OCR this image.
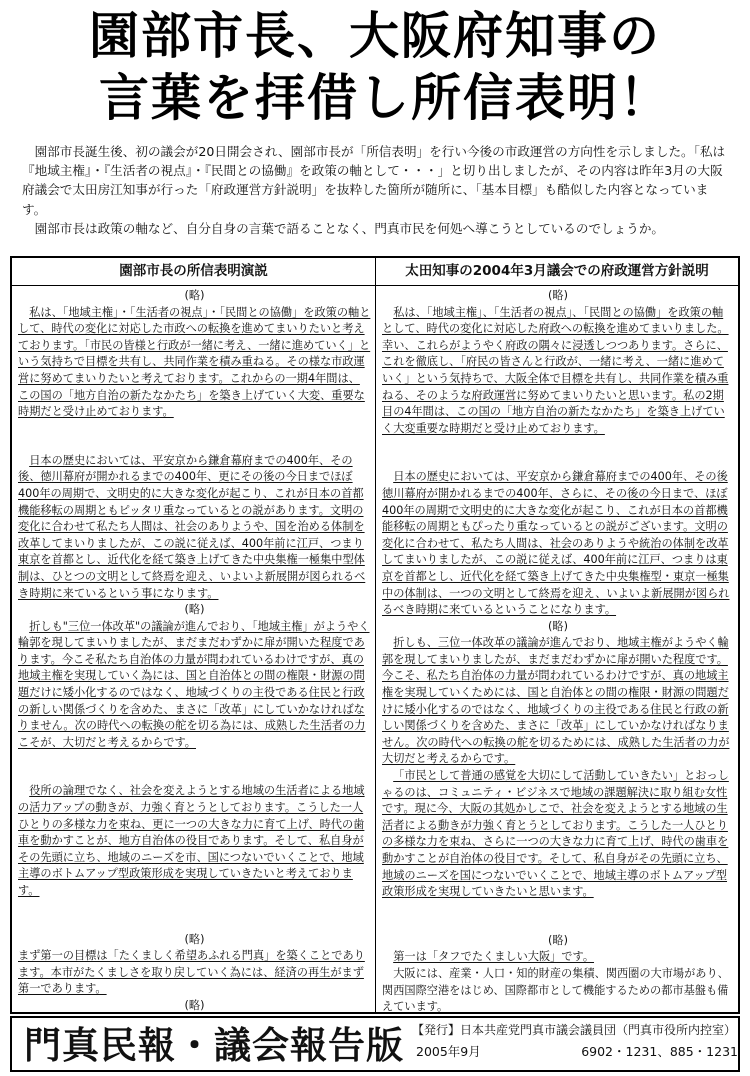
園部市長、大阪府知事の
言葉を拝借し所信表明！

園部市長誕生後、初の議会が20日開会され、園部市長が「所信表明」を行い今後の市政運営の方向性を示しました。「私は『地域主権』・『生活者の視点』・『民間との協働』を政策の軸として・・・」と切り出しましたが、その内容は昨年3月の大阪府議会で太田房江知事が行った「府政運営方針説明」を抜粋した箇所が随所に、「基本目標」も酷似した内容となっています。

園部市長は政策の軸など、自分自身の言葉で語ることなく、門真市民を何処へ導こうとしているのでしょうか。

園部市長の所信表明演説

(略)

私は、「地域主権」・「生活者の視点」・「民間との協働」を政策の軸として、時代の変化に対応した市政への転換を進めてまいりたいと考えております。「市民の皆様と行政が一緒に考え、一緒に進めていく」という気持ちで目標を共有し、共同作業を積み重ねる。その様な市政運営に努めてまいりたいと考えております。これからの一期4年間は、この国の「地方自治の新たなかたち」を築き上げていく大変、重要な時期だと受け止めております。

日本の歴史においては、平安京から鎌倉幕府までの400年、その後、徳川幕府が開かれるまでの400年、更にその後の今日までほぼ400年の周期で、文明史的に大きな変化が起こり、これが日本の首都機能移転の周期ともピッタリ重なっているとの説があります。文明の変化に合わせて私たち人間は、社会のありようや、国を治める体制を改革してまいりましたが、この説に従えば、400年前に江戸、つまり東京を首都とし、近代化を経て築き上げてきた中央集権一極集中型体制は、ひとつの文明として終焉を迎え、いよいよ新展開が図られるべき時期に来ているという事になります。

(略)

折しも"三位一体改革"の議論が進んでおり、「地域主権」がようやく輪郭を現してまいりましたが、まだまだわずかに扉が開いた程度であります。今こそ私たち自治体の力量が問われているわけですが、真の地域主権を実現していく為には、国と自治体との間の権限・財源の問題だけに矮小化するのではなく、地域づくりの主役である住民と行政の新しい関係づくりを含めた、まさに「改革」にしていかなければなりません。次の時代への転換の舵を切る為には、成熟した生活者の力こそが、大切だと考えるからです。

役所の論理でなく、社会を変えようとする地域の生活者による地域の活力アップの動きが、力強く育とうとしております。こうした一人ひとりの多様な力を束ね、更に一つの大きな力に育て上げ、時代の歯車を動かすことが、地方自治体の役目であります。そして、私自身がその先頭に立ち、地域のニーズを市、国につないでいくことで、地域主導のボトムアップ型政策形成を実現していきたいと考えております。

(略)

まず第一の目標は「たくましく希望あふれる門真」を築くことであります。本市がたくましさを取り戻していく為には、経済の再生がまず第一であります。

(略)

太田知事の2004年3月議会での府政運営方針説明

(略)

私は、「地域主権」、「生活者の視点」、「民間との協働」を政策の軸として、時代の変化に対応した府政への転換を進めてまいりました。幸い、これらがようやく府政の隅々に浸透しつつあります。さらに、これを徹底し、「府民の皆さんと行政が、一緒に考え、一緒に進めていく」という気持ちで、大阪全体で目標を共有し、共同作業を積み重ねる、そのような府政運営に努めてまいりたいと思います。私の2期目の4年間は、この国の「地方自治の新たなかたち」を築き上げていく大変重要な時期だと受け止めております。

日本の歴史においては、平安京から鎌倉幕府までの400年、その後徳川幕府が開かれるまでの400年、さらに、その後の今日まで、ほぼ400年の周期で文明史的に大きな変化が起こり、これが日本の首都機能移転の周期ともぴったり重なっているとの説がございます。文明の変化に合わせて、私たち人間は、社会のありようや統治の体制を改革してまいりましたが、この説に従えば、400年前に江戸、つまりは東京を首都とし、近代化を経て築き上げてきた中央集権型・東京一極集中の体制は、一つの文明として終焉を迎え、いよいよ新展開が図られるべき時期に来ているということになります。

(略)

折しも、三位一体改革の議論が進んでおり、地域主権がようやく輪郭を現してまいりましたが、まだまだわずかに扉が開いた程度です。今こそ、私たち自治体の力量が問われているわけですが、真の地域主権を実現していくためには、国と自治体との間の権限・財源の問題だけに矮小化するのではなく、地域づくりの主役である住民と行政の新しい関係づくりを含めた、まさに「改革」にしていかなければなりません。次の時代への転換の舵を切るためには、成熟した生活者の力が大切だと考えるからです。

「市民として普通の感覚を大切にして活動していきたい」とおっしゃるのは、コミュニティ・ビジネスで地域の課題解決に取り組む女性です。現に今、大阪の其処かしこで、社会を変えようとする地域の生活者による動きが力強く育とうとしております。こうした一人ひとりの多様な力を束ね、さらに一つの大きな力に育て上げ、時代の歯車を動かすことが自治体の役目です。そして、私自身がその先頭に立ち、地域のニーズを国につないでいくことで、地域主導のボトムアップ型政策形成を実現していきたいと思います。

(略)

第一は「タフでたくましい大阪」です。

大阪には、産業・人口・知的財産の集積、関西圏の大市場があり、関西国際空港をはじめ、国際都市として機能するための都市基盤も備えています。

門真民報・議会報告版 【発行】日本共産党門真市議会議員団（門真市役所内控室）
2005年9月	6902・1231、885・1231
